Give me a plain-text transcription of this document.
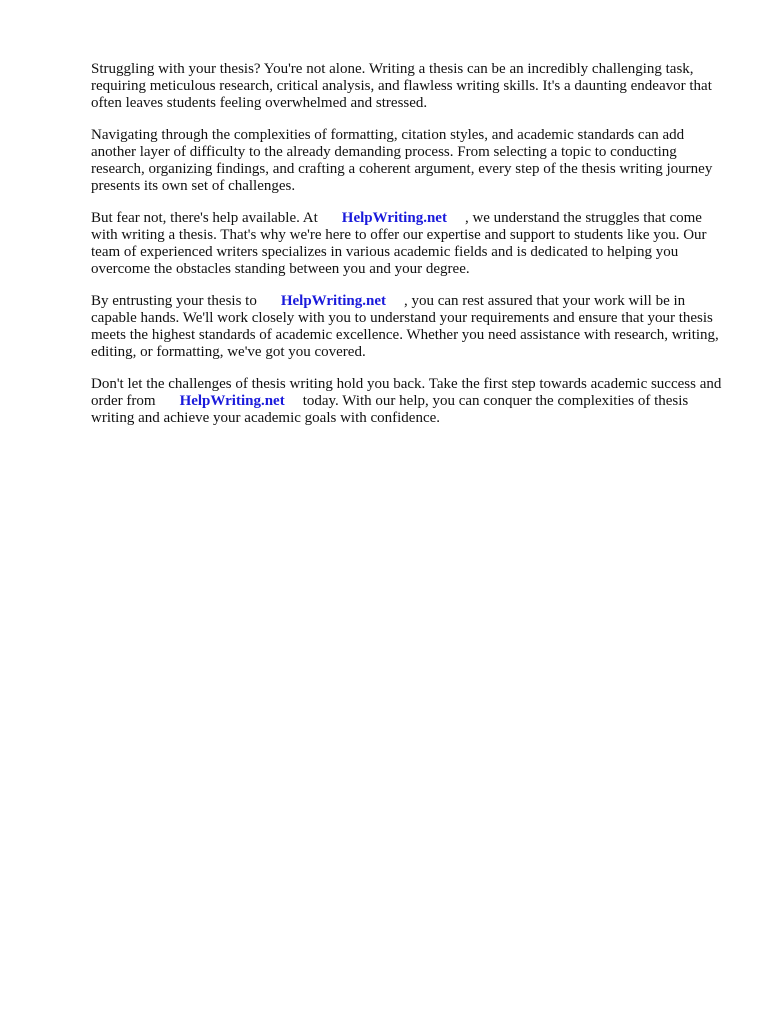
Struggling with your thesis? You're not alone. Writing a thesis can be an incredibly challenging task, requiring meticulous research, critical analysis, and flawless writing skills. It's a daunting endeavor that often leaves students feeling overwhelmed and stressed.

Navigating through the complexities of formatting, citation styles, and academic standards can add another layer of difficulty to the already demanding process. From selecting a topic to conducting research, organizing findings, and crafting a coherent argument, every step of the thesis writing journey presents its own set of challenges.

But fear not, there's help available. At HelpWriting.net , we understand the struggles that come with writing a thesis. That's why we're here to offer our expertise and support to students like you. Our team of experienced writers specializes in various academic fields and is dedicated to helping you overcome the obstacles standing between you and your degree.

By entrusting your thesis to HelpWriting.net , you can rest assured that your work will be in capable hands. We'll work closely with you to understand your requirements and ensure that your thesis meets the highest standards of academic excellence. Whether you need assistance with research, writing, editing, or formatting, we've got you covered.

Don't let the challenges of thesis writing hold you back. Take the first step towards academic success and order from HelpWriting.net today. With our help, you can conquer the complexities of thesis writing and achieve your academic goals with confidence.
